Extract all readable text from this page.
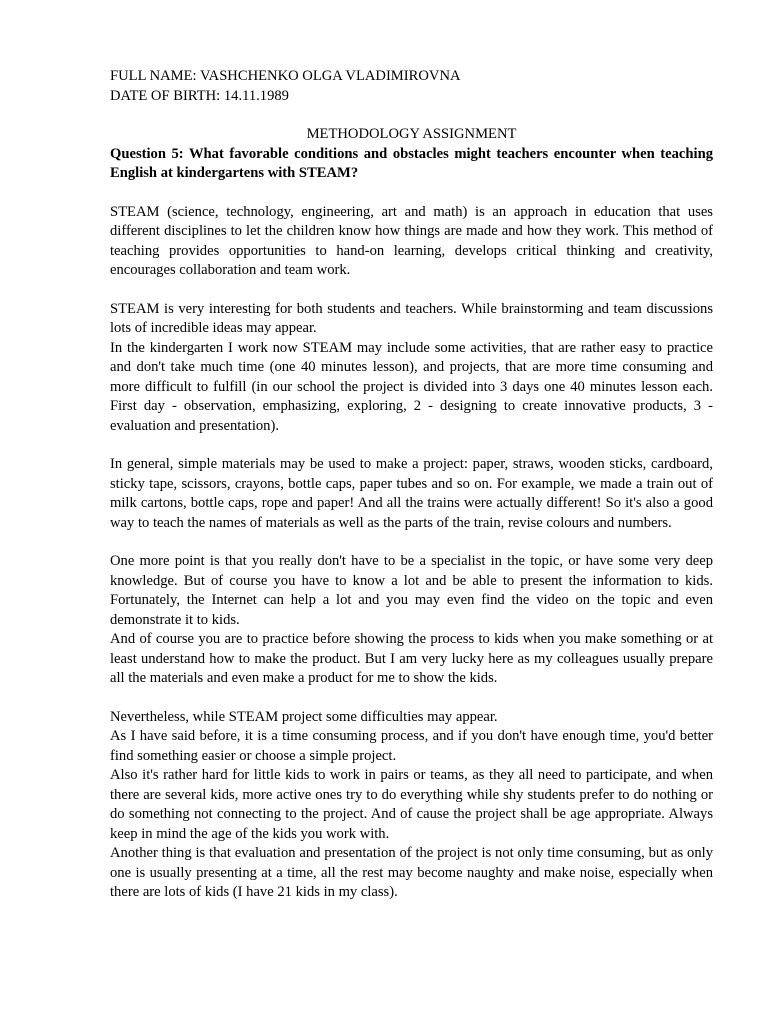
FULL NAME: VASHCHENKO OLGA VLADIMIROVNA
DATE OF BIRTH: 14.11.1989
METHODOLOGY ASSIGNMENT

Question 5: What favorable conditions and obstacles might teachers encounter when teaching English at kindergartens with STEAM?

STEAM (science, technology, engineering, art and math) is an approach in education that uses different disciplines to let the children know how things are made and how they work. This method of teaching provides opportunities to hand-on learning, develops critical thinking and creativity, encourages collaboration and team work.

STEAM is very interesting for both students and teachers. While brainstorming and team discussions lots of incredible ideas may appear.

In the kindergarten I work now STEAM may include some activities, that are rather easy to practice and don't take much time (one 40 minutes lesson), and projects, that are more time consuming and more difficult to fulfill (in our school the project is divided into 3 days one 40 minutes lesson each. First day - observation, emphasizing, exploring, 2 - designing to create innovative products, 3 - evaluation and presentation).

In general, simple materials may be used to make a project: paper, straws, wooden sticks, cardboard, sticky tape, scissors, crayons, bottle caps, paper tubes and so on. For example, we made a train out of milk cartons, bottle caps, rope and paper! And all the trains were actually different! So it's also a good way to teach the names of materials as well as the parts of the train, revise colours and numbers.

One more point is that you really don't have to be a specialist in the topic, or have some very deep knowledge. But of course you have to know a lot and be able to present the information to kids. Fortunately, the Internet can help a lot and you may even find the video on the topic and even demonstrate it to kids.

And of course you are to practice before showing the process to kids when you make something or at least understand how to make the product. But I am very lucky here as my colleagues usually prepare all the materials and even make a product for me to show the kids.

Nevertheless, while STEAM project some difficulties may appear.

As I have said before, it is a time consuming process, and if you don't have enough time, you'd better find something easier or choose a simple project.

Also it's rather hard for little kids to work in pairs or teams, as they all need to participate, and when there are several kids, more active ones try to do everything while shy students prefer to do nothing or do something not connecting to the project. And of cause the project shall be age appropriate. Always keep in mind the age of the kids you work with.

Another thing is that evaluation and presentation of the project is not only time consuming, but as only one is usually presenting at a time, all the rest may become naughty and make noise, especially when there are lots of kids (I have 21 kids in my class).
